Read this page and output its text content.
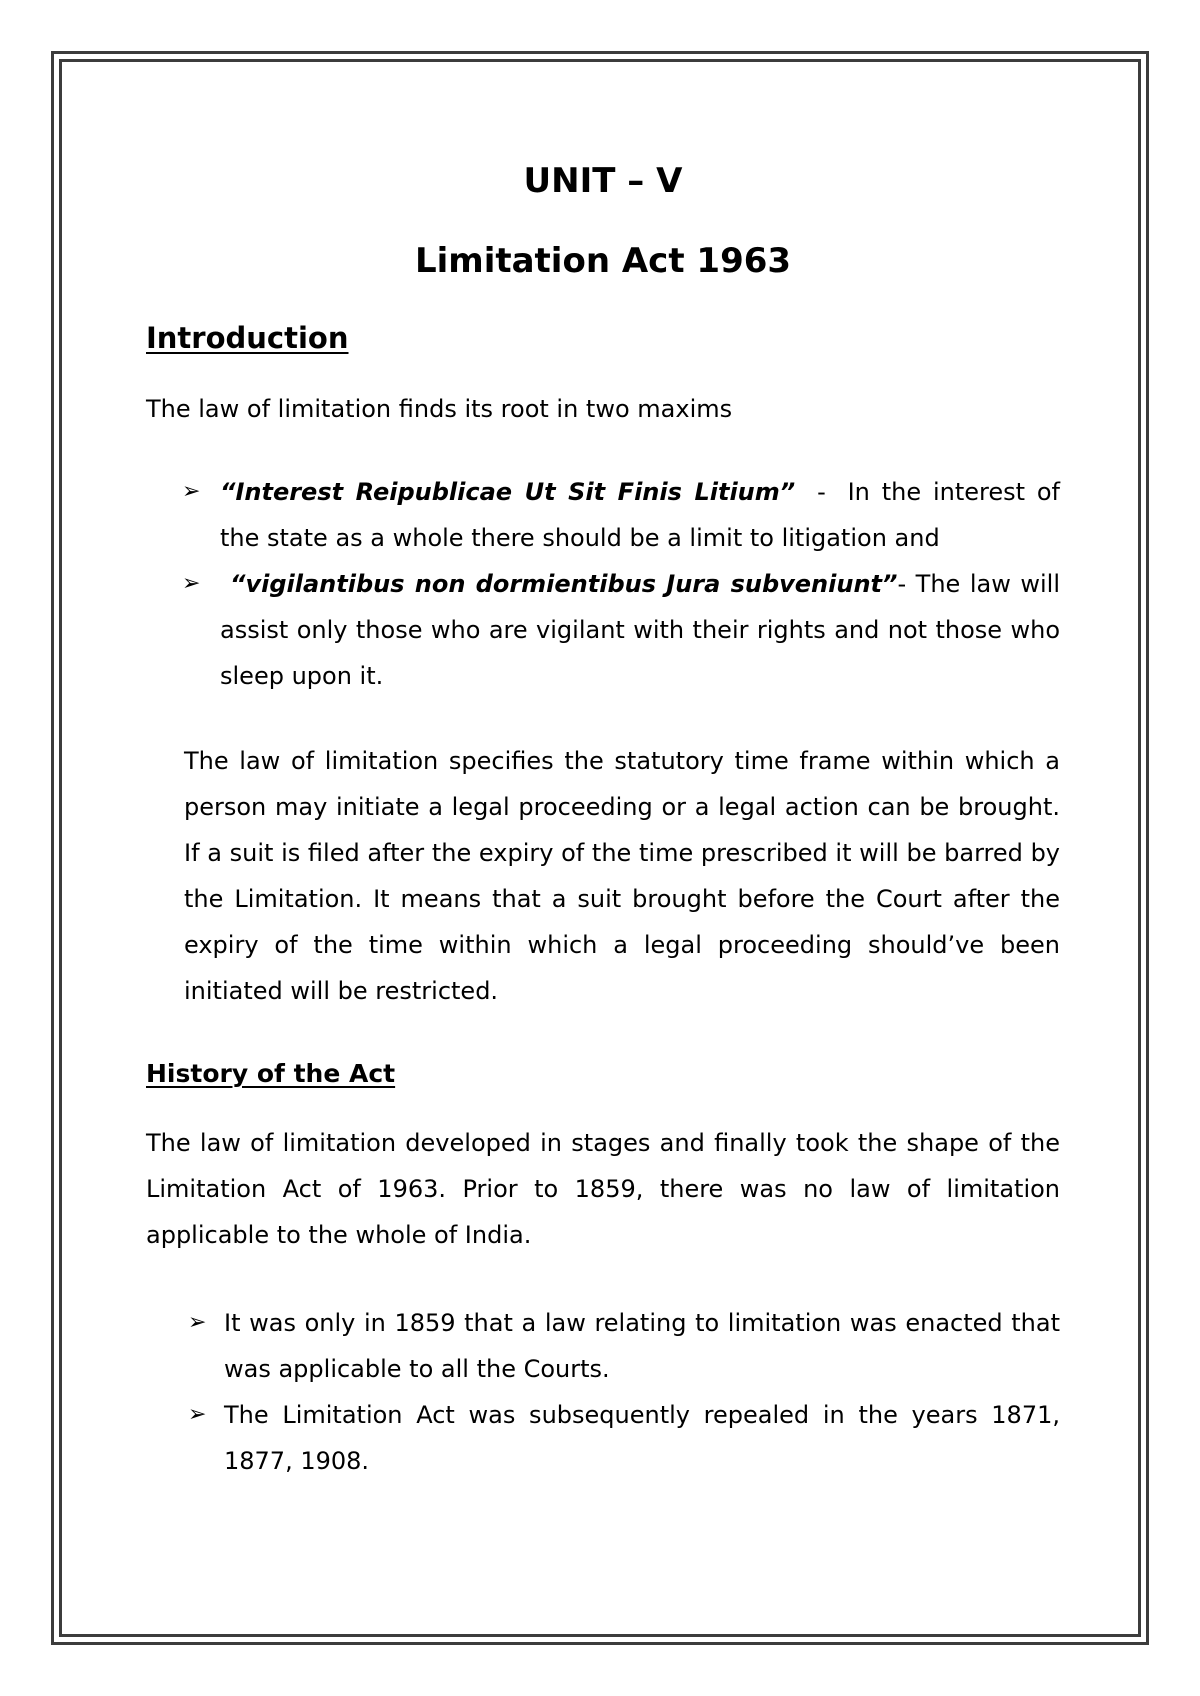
UNIT – V
Limitation Act 1963
Introduction

The law of limitation finds its root in two maxims

➢ “Interest Reipublicae Ut Sit Finis Litium” - In the interest of the state as a whole there should be a limit to litigation and
➢ “vigilantibus non dormientibus Jura subveniunt”- The law will assist only those who are vigilant with their rights and not those who sleep upon it.

The law of limitation specifies the statutory time frame within which a person may initiate a legal proceeding or a legal action can be brought. If a suit is filed after the expiry of the time prescribed it will be barred by the Limitation. It means that a suit brought before the Court after the expiry of the time within which a legal proceeding should’ve been initiated will be restricted.

History of the Act

The law of limitation developed in stages and finally took the shape of the Limitation Act of 1963. Prior to 1859, there was no law of limitation applicable to the whole of India.

➢ It was only in 1859 that a law relating to limitation was enacted that was applicable to all the Courts.
➢ The Limitation Act was subsequently repealed in the years 1871, 1877, 1908.
